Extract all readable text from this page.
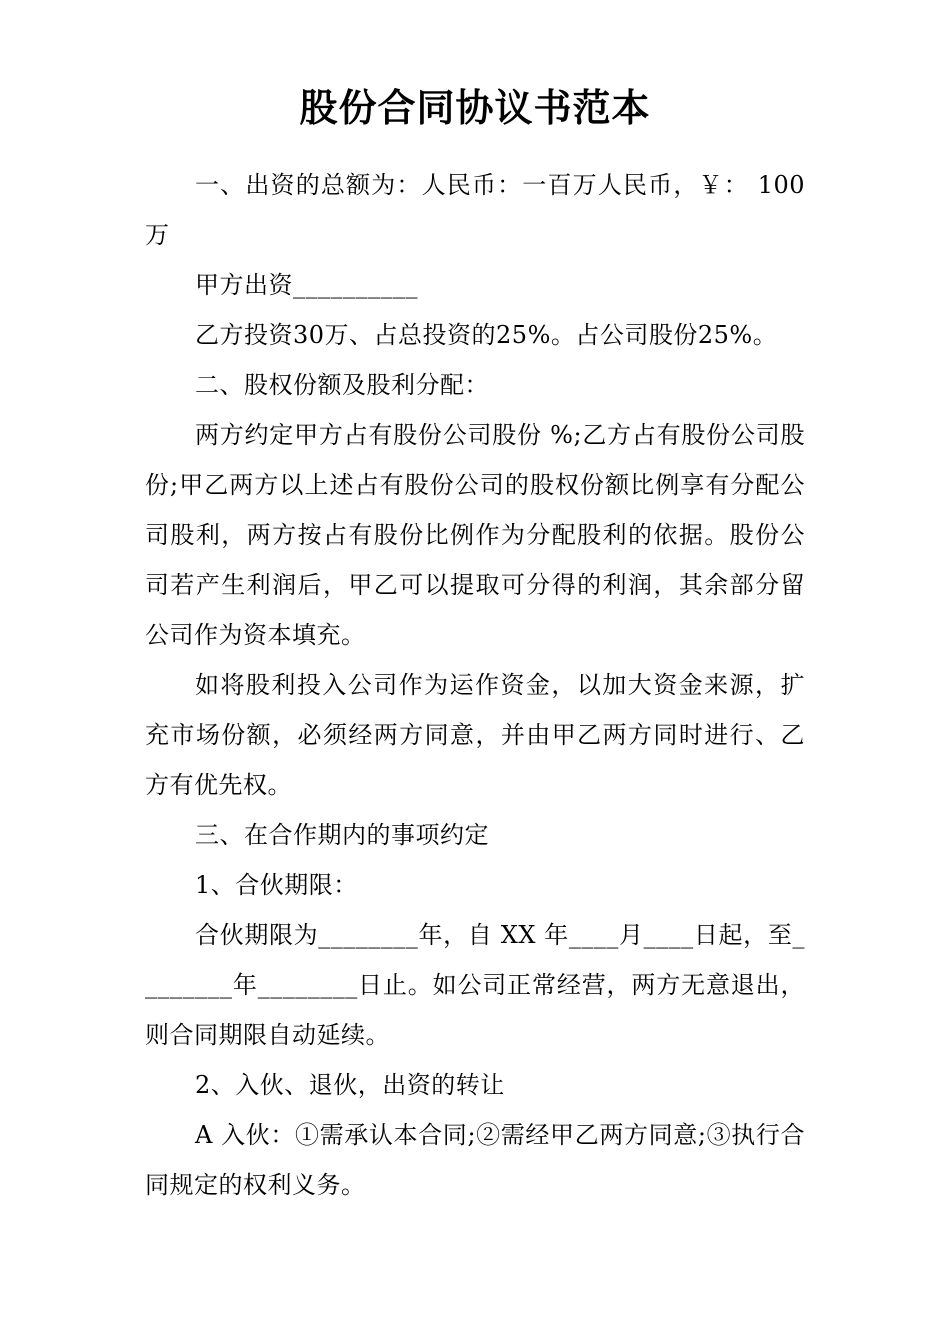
股份合同协议书范本

一、出资的总额为：人民币：一百万人民币，￥： 100万

甲方出资__________

乙方投资30万、占总投资的25%。占公司股份25%。

二、股权份额及股利分配：

两方约定甲方占有股份公司股份 %;乙方占有股份公司股份;甲乙两方以上述占有股份公司的股权份额比例享有分配公司股利，两方按占有股份比例作为分配股利的依据。股份公司若产生利润后，甲乙可以提取可分得的利润，其余部分留公司作为资本填充。

如将股利投入公司作为运作资金，以加大资金来源，扩充市场份额，必须经两方同意，并由甲乙两方同时进行、乙方有优先权。

三、在合作期内的事项约定

1、合伙期限：

合伙期限为________年，自 XX 年____月____日起，至________年________日止。如公司正常经营，两方无意退出，则合同期限自动延续。

2、入伙、退伙，出资的转让

A 入伙：①需承认本合同;②需经甲乙两方同意;③执行合同规定的权利义务。
